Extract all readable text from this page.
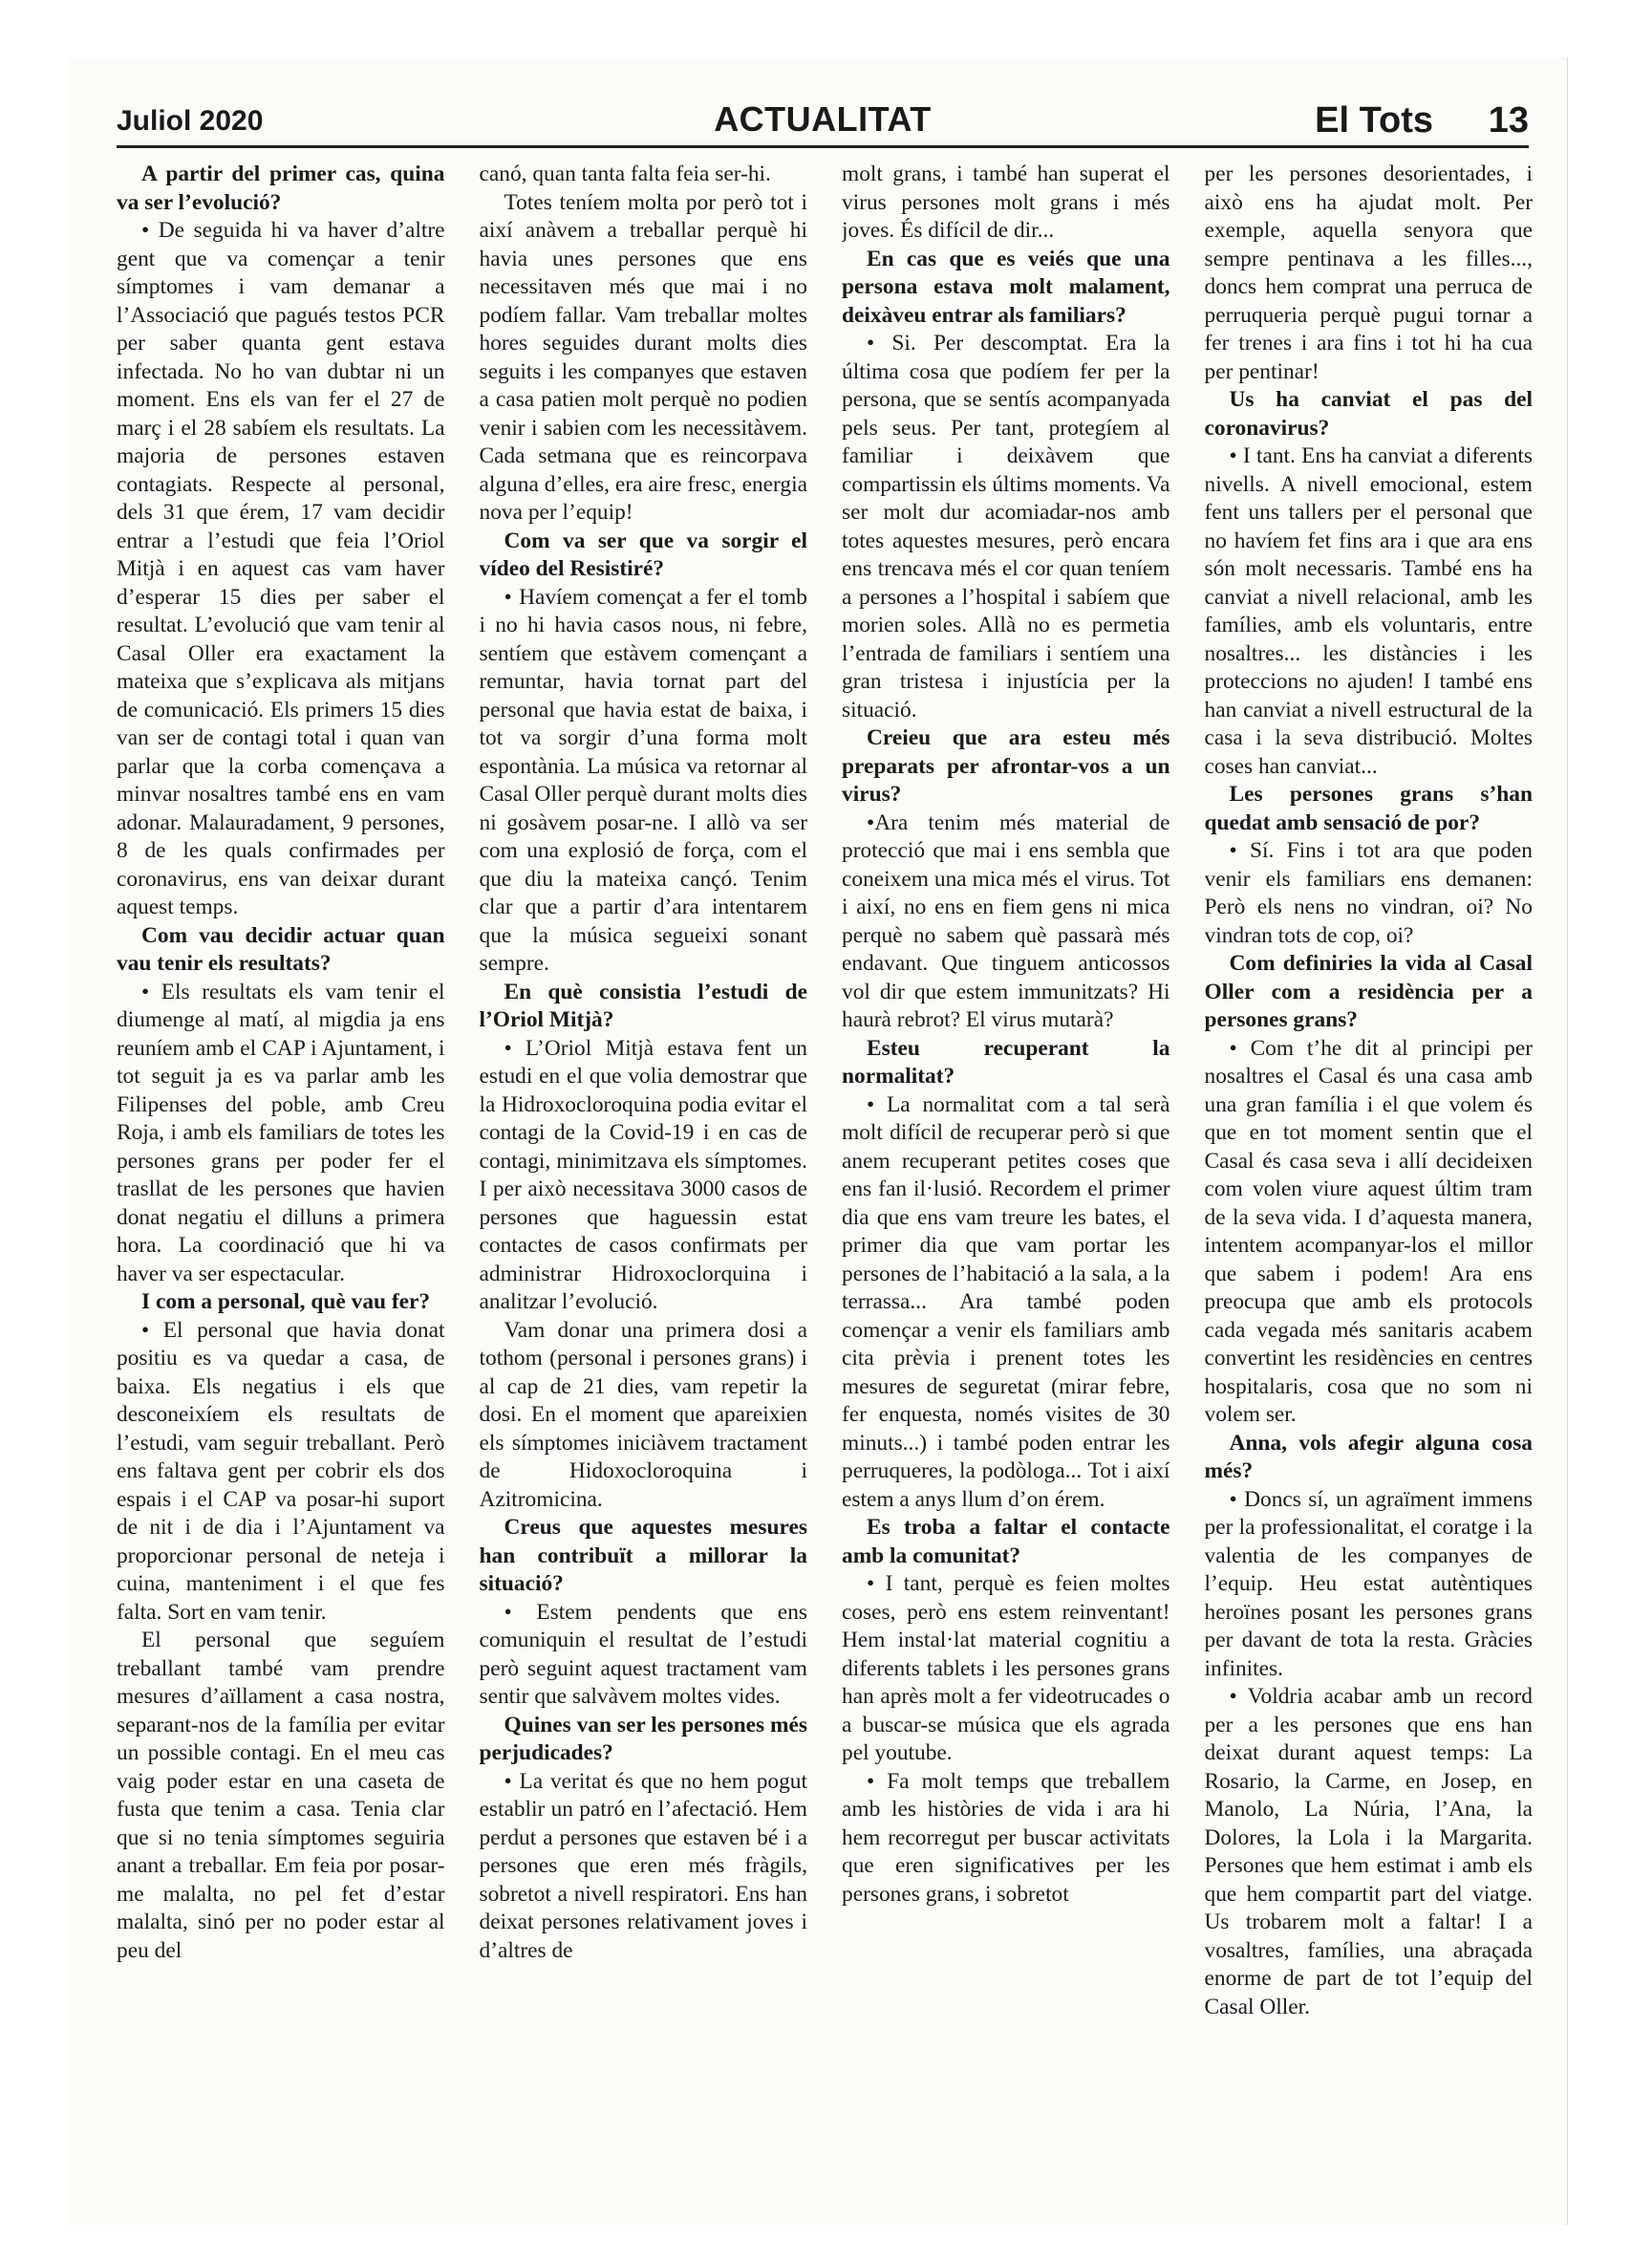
Juliol 2020	ACTUALITAT	El Tots 13

A partir del primer cas, quina va ser l’evolució?

• De seguida hi va haver d’altre gent que va començar a tenir símptomes i vam demanar a l’Associació que pagués testos PCR per saber quanta gent estava infectada. No ho van dubtar ni un moment. Ens els van fer el 27 de març i el 28 sabíem els resultats. La majoria de persones estaven contagiats. Respecte al personal, dels 31 que érem, 17 vam decidir entrar a l’estudi que feia l’Oriol Mitjà i en aquest cas vam haver d’esperar 15 dies per saber el resultat. L’evolució que vam tenir al Casal Oller era exactament la mateixa que s’explicava als mitjans de comunicació. Els primers 15 dies van ser de contagi total i quan van parlar que la corba començava a minvar nosaltres també ens en vam adonar. Malauradament, 9 persones, 8 de les quals confirmades per coronavirus, ens van deixar durant aquest temps.

Com vau decidir actuar quan vau tenir els resultats?

• Els resultats els vam tenir el diumenge al matí, al migdia ja ens reuníem amb el CAP i Ajuntament, i tot seguit ja es va parlar amb les Filipenses del poble, amb Creu Roja, i amb els familiars de totes les persones grans per poder fer el trasllat de les persones que havien donat negatiu el dilluns a primera hora. La coordinació que hi va haver va ser espectacular.

I com a personal, què vau fer?

• El personal que havia donat positiu es va quedar a casa, de baixa. Els negatius i els que desconeixíem els resultats de l’estudi, vam seguir treballant. Però ens faltava gent per cobrir els dos espais i el CAP va posar-hi suport de nit i de dia i l’Ajuntament va proporcionar personal de neteja i cuina, manteniment i el que fes falta. Sort en vam tenir.

El personal que seguíem treballant també vam prendre mesures d’aïllament a casa nostra, separant-nos de la família per evitar un possible contagi. En el meu cas vaig poder estar en una caseta de fusta que tenim a casa. Tenia clar que si no tenia símptomes seguiria anant a treballar. Em feia por posar-me malalta, no pel fet d’estar malalta, sinó per no poder estar al peu del

canó, quan tanta falta feia ser-hi.

Totes teníem molta por però tot i així anàvem a treballar perquè hi havia unes persones que ens necessitaven més que mai i no podíem fallar. Vam treballar moltes hores seguides durant molts dies seguits i les companyes que estaven a casa patien molt perquè no podien venir i sabien com les necessitàvem. Cada setmana que es reincorpava alguna d’elles, era aire fresc, energia nova per l’equip!

Com va ser que va sorgir el vídeo del Resistiré?

• Havíem començat a fer el tomb i no hi havia casos nous, ni febre, sentíem que estàvem començant a remuntar, havia tornat part del personal que havia estat de baixa, i tot va sorgir d’una forma molt espontània. La música va retornar al Casal Oller perquè durant molts dies ni gosàvem posar-ne. I allò va ser com una explosió de força, com el que diu la mateixa cançó. Tenim clar que a partir d’ara intentarem que la música segueixi sonant sempre.

En què consistia l’estudi de l’Oriol Mitjà?

• L’Oriol Mitjà estava fent un estudi en el que volia demostrar que la Hidroxocloroquina podia evitar el contagi de la Covid-19 i en cas de contagi, minimitzava els símptomes. I per això necessitava 3000 casos de persones que haguessin estat contactes de casos confirmats per administrar Hidroxoclorquina i analitzar l’evolució.

Vam donar una primera dosi a tothom (personal i persones grans) i al cap de 21 dies, vam repetir la dosi. En el moment que apareixien els símptomes iniciàvem tractament de Hidoxocloroquina i Azitromicina.

Creus que aquestes mesures han contribuït a millorar la situació?

• Estem pendents que ens comuniquin el resultat de l’estudi però seguint aquest tractament vam sentir que salvàvem moltes vides.

Quines van ser les persones més perjudicades?

• La veritat és que no hem pogut establir un patró en l’afectació. Hem perdut a persones que estaven bé i a persones que eren més fràgils, sobretot a nivell respiratori. Ens han deixat persones relativament joves i d’altres de

molt grans, i també han superat el virus persones molt grans i més joves. És difícil de dir...

En cas que es veiés que una persona estava molt malament, deixàveu entrar als familiars?

• Si. Per descomptat. Era la última cosa que podíem fer per la persona, que se sentís acompanyada pels seus. Per tant, protegíem al familiar i deixàvem que compartissin els últims moments. Va ser molt dur acomiadar-nos amb totes aquestes mesures, però encara ens trencava més el cor quan teníem a persones a l’hospital i sabíem que morien soles. Allà no es permetia l’entrada de familiars i sentíem una gran tristesa i injustícia per la situació.

Creieu que ara esteu més preparats per afrontar-vos a un virus?

•Ara tenim més material de protecció que mai i ens sembla que coneixem una mica més el virus. Tot i així, no ens en fiem gens ni mica perquè no sabem què passarà més endavant. Que tinguem anticossos vol dir que estem immunitzats? Hi haurà rebrot? El virus mutarà?

Esteu recuperant la normalitat?

• La normalitat com a tal serà molt difícil de recuperar però si que anem recuperant petites coses que ens fan il·lusió. Recordem el primer dia que ens vam treure les bates, el primer dia que vam portar les persones de l’habitació a la sala, a la terrassa... Ara també poden començar a venir els familiars amb cita prèvia i prenent totes les mesures de seguretat (mirar febre, fer enquesta, només visites de 30 minuts...) i també poden entrar les perruqueres, la podòloga... Tot i així estem a anys llum d’on érem.

Es troba a faltar el contacte amb la comunitat?

• I tant, perquè es feien moltes coses, però ens estem reinventant! Hem instal·lat material cognitiu a diferents tablets i les persones grans han après molt a fer videotrucades o a buscar-se música que els agrada pel youtube.

• Fa molt temps que treballem amb les històries de vida i ara hi hem recorregut per buscar activitats que eren significatives per les persones grans, i sobretot

per les persones desorientades, i això ens ha ajudat molt. Per exemple, aquella senyora que sempre pentinava a les filles..., doncs hem comprat una perruca de perruqueria perquè pugui tornar a fer trenes i ara fins i tot hi ha cua per pentinar!

Us ha canviat el pas del coronavirus?

• I tant. Ens ha canviat a diferents nivells. A nivell emocional, estem fent uns tallers per el personal que no havíem fet fins ara i que ara ens són molt necessaris. També ens ha canviat a nivell relacional, amb les famílies, amb els voluntaris, entre nosaltres... les distàncies i les proteccions no ajuden! I també ens han canviat a nivell estructural de la casa i la seva distribució. Moltes coses han canviat...

Les persones grans s’han quedat amb sensació de por?

• Sí. Fins i tot ara que poden venir els familiars ens demanen: Però els nens no vindran, oi? No vindran tots de cop, oi?

Com definiries la vida al Casal Oller com a residència per a persones grans?

• Com t’he dit al principi per nosaltres el Casal és una casa amb una gran família i el que volem és que en tot moment sentin que el Casal és casa seva i allí decideixen com volen viure aquest últim tram de la seva vida. I d’aquesta manera, intentem acompanyar-los el millor que sabem i podem! Ara ens preocupa que amb els protocols cada vegada més sanitaris acabem convertint les residències en centres hospitalaris, cosa que no som ni volem ser.

Anna, vols afegir alguna cosa més?

• Doncs sí, un agraïment immens per la professionalitat, el coratge i la valentia de les companyes de l’equip. Heu estat autèntiques heroïnes posant les persones grans per davant de tota la resta. Gràcies infinites.

• Voldria acabar amb un record per a les persones que ens han deixat durant aquest temps: La Rosario, la Carme, en Josep, en Manolo, La Núria, l’Ana, la Dolores, la Lola i la Margarita. Persones que hem estimat i amb els que hem compartit part del viatge. Us trobarem molt a faltar! I a vosaltres, famílies, una abraçada enorme de part de tot l’equip del Casal Oller.
